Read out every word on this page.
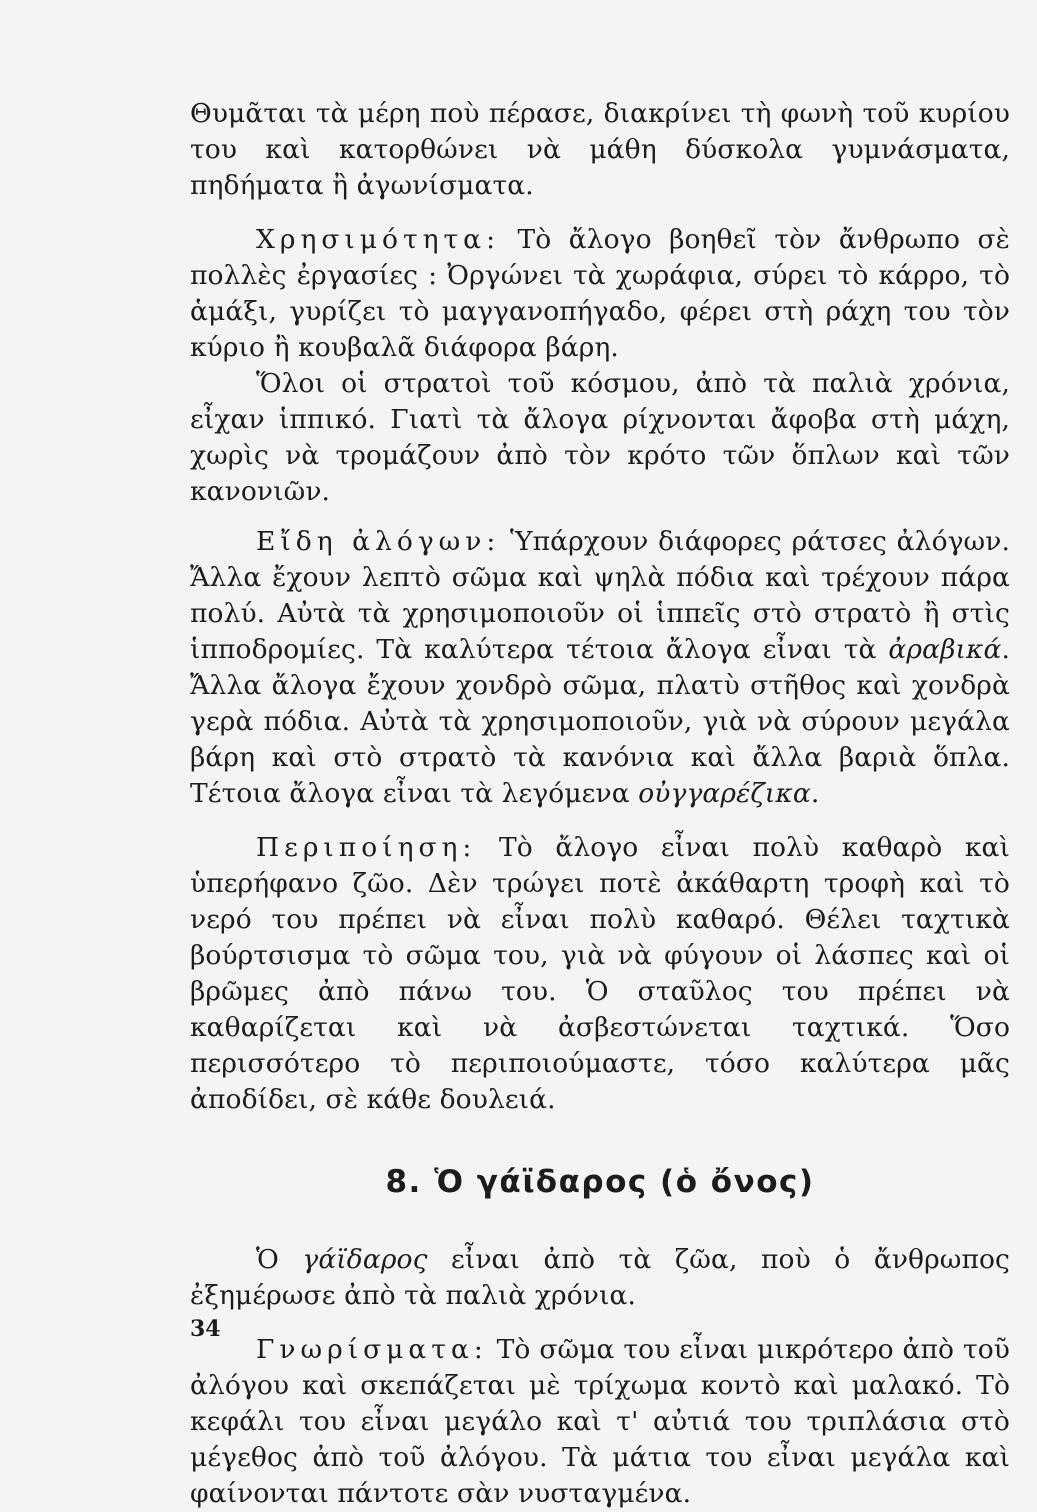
Θυμᾶται τὰ μέρη ποὺ πέρασε, διακρίνει τὴ φωνὴ τοῦ κυρίου του καὶ κατορθώνει νὰ μάθη δύσκολα γυμνάσματα, πηδήματα ἢ ἀγωνίσματα.

Χρησιμότητα: Τὸ ἄλογο βοηθεῖ τὸν ἄνθρωπο σὲ πολλὲς ἐργασίες : Ὀργώνει τὰ χωράφια, σύρει τὸ κάρρο, τὸ ἁμάξι, γυρίζει τὸ μαγγανοπήγαδο, φέρει στὴ ράχη του τὸν κύριο ἢ κουβαλᾶ διάφορα βάρη.

Ὅλοι οἱ στρατοὶ τοῦ κόσμου, ἀπὸ τὰ παλιὰ χρόνια, εἶχαν ἱππικό. Γιατὶ τὰ ἄλογα ρίχνονται ἄφοβα στὴ μάχη, χωρὶς νὰ τρομάζουν ἀπὸ τὸν κρότο τῶν ὅπλων καὶ τῶν κανονιῶν.

Εἴδη ἀλόγων: Ὑπάρχουν διάφορες ράτσες ἀλόγων. Ἄλλα ἔχουν λεπτὸ σῶμα καὶ ψηλὰ πόδια καὶ τρέχουν πάρα πολύ. Αὐτὰ τὰ χρησιμοποιοῦν οἱ ἱππεῖς στὸ στρατὸ ἢ στὶς ἱπποδρομίες. Τὰ καλύτερα τέτοια ἄλογα εἶναι τὰ ἀραβικά. Ἄλλα ἄλογα ἔχουν χονδρὸ σῶμα, πλατὺ στῆθος καὶ χονδρὰ γερὰ πόδια. Αὐτὰ τὰ χρησιμοποιοῦν, γιὰ νὰ σύρουν μεγάλα βάρη καὶ στὸ στρατὸ τὰ κανόνια καὶ ἄλλα βαριὰ ὅπλα. Τέτοια ἄλογα εἶναι τὰ λεγόμενα οὐγγαρέζικα.

Περιποίηση: Τὸ ἄλογο εἶναι πολὺ καθαρὸ καὶ ὑπερήφανο ζῶο. Δὲν τρώγει ποτὲ ἀκάθαρτη τροφὴ καὶ τὸ νερό του πρέπει νὰ εἶναι πολὺ καθαρό. Θέλει ταχτικὰ βούρτσισμα τὸ σῶμα του, γιὰ νὰ φύγουν οἱ λάσπες καὶ οἱ βρῶμες ἀπὸ πάνω του. Ὁ σταῦλος του πρέπει νὰ καθαρίζεται καὶ νὰ ἀσβεστώνεται ταχτικά. Ὅσο περισσότερο τὸ περιποιούμαστε, τόσο καλύτερα μᾶς ἀποδίδει, σὲ κάθε δουλειά.

8. Ὁ γάϊδαρος (ὁ ὄνος)

Ὁ γάϊδαρος εἶναι ἀπὸ τὰ ζῶα, ποὺ ὁ ἄνθρωπος ἐξημέρωσε ἀπὸ τὰ παλιὰ χρόνια.

Γνωρίσματα: Τὸ σῶμα του εἶναι μικρότερο ἀπὸ τοῦ ἀλόγου καὶ σκεπάζεται μὲ τρίχωμα κοντὸ καὶ μαλακό. Τὸ κεφάλι του εἶναι μεγάλο καὶ τ' αὐτιά του τριπλάσια στὸ μέγεθος ἀπὸ τοῦ ἀλόγου. Τὰ μάτια του εἶναι μεγάλα καὶ φαίνονται πάντοτε σὰν νυσταγμένα.

34
